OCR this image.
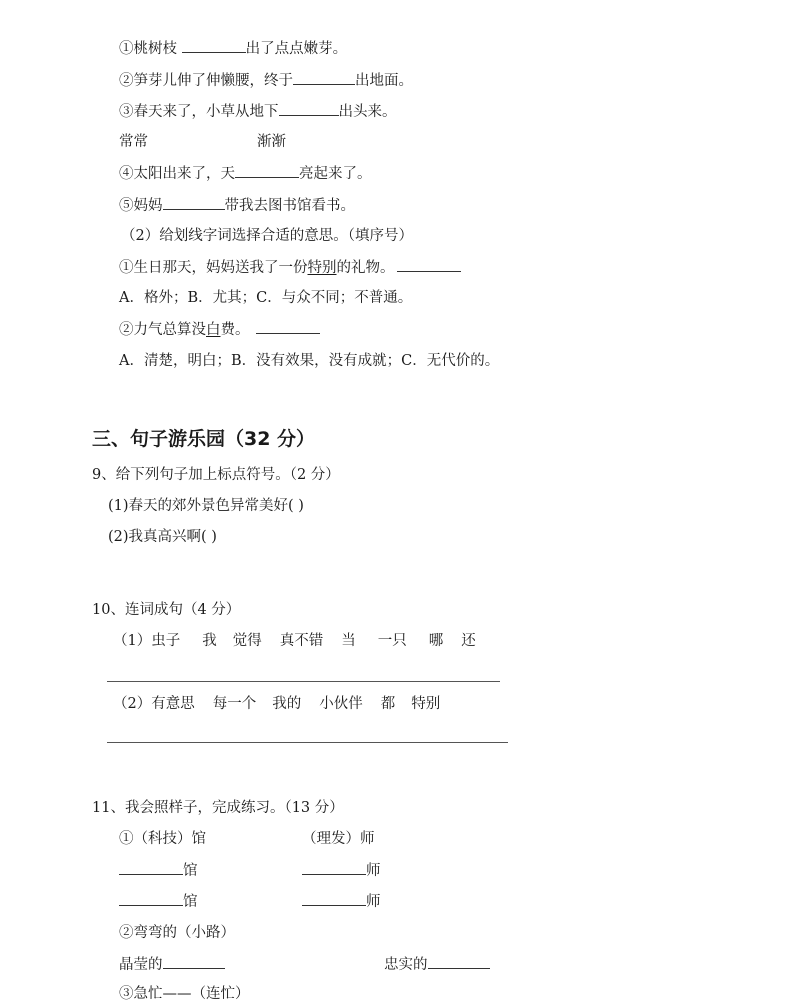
①桃树枝	出了点点嫩芽。
②笋芽儿伸了伸懒腰，终于	出地面。
③春天来了，小草从地下	出头来。
常常	渐渐
④太阳出来了，天	亮起来了。
⑤妈妈	带我去图书馆看书。
（2）给划线字词选择合适的意思。（填序号）
①生日那天，妈妈送我了一份特别的礼物。
A．格外；B．尤其；C．与众不同；不普通。
②力气总算没白费。
A．清楚，明白；B．没有效果，没有成就；C．无代价的。
三、句子游乐园（32 分）
9、给下列句子加上标点符号。（2 分）
(1)春天的郊外景色异常美好( )
(2)我真高兴啊( )
10、连词成句（4 分）
（1）虫子 我 觉得 真不错 当 一只 哪 还
（2）有意思 每一个 我的 小伙伴 都 特别
11、我会照样子，完成练习。（13 分）
①（科技）馆	（理发）师
馆	师
馆	师
②弯弯的（小路）
晶莹的	忠实的
③急忙——（连忙）
